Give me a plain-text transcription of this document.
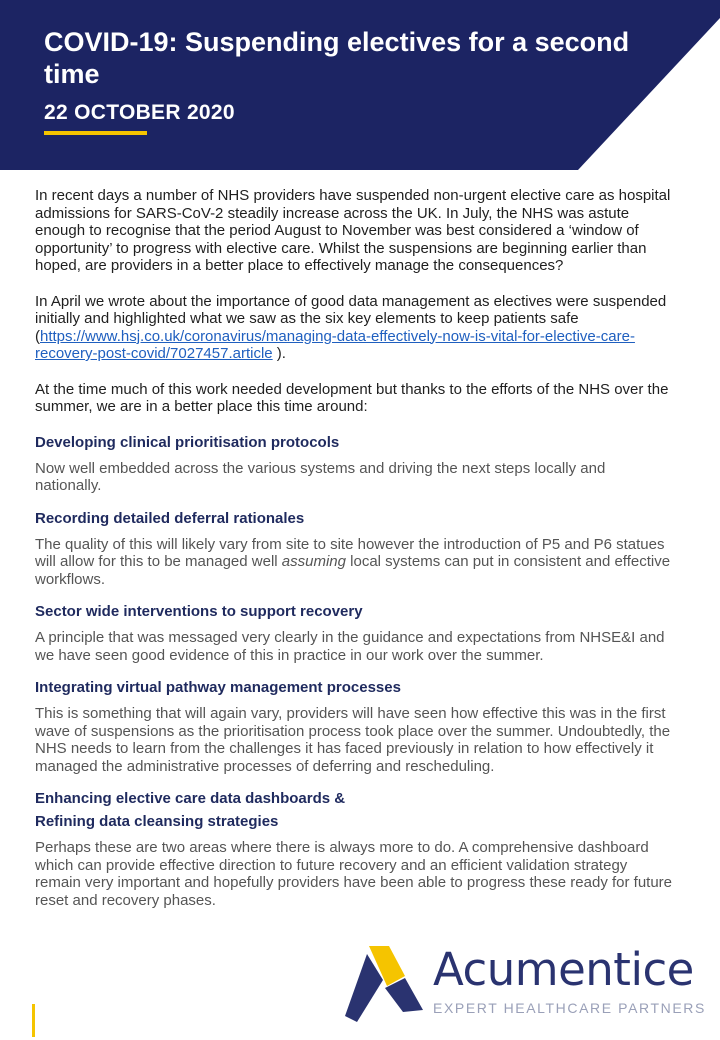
COVID-19: Suspending electives for a second time
22 OCTOBER 2020

In recent days a number of NHS providers have suspended non-urgent elective care as hospital admissions for SARS-CoV-2 steadily increase across the UK. In July, the NHS was astute enough to recognise that the period August to November was best considered a ‘window of opportunity’ to progress with elective care. Whilst the suspensions are beginning earlier than hoped, are providers in a better place to effectively manage the consequences?

In April we wrote about the importance of good data management as electives were suspended initially and highlighted what we saw as the six key elements to keep patients safe (https://www.hsj.co.uk/coronavirus/managing-data-effectively-now-is-vital-for-elective-care-recovery-post-covid/7027457.article ).

At the time much of this work needed development but thanks to the efforts of the NHS over the summer, we are in a better place this time around:

Developing clinical prioritisation protocols

Now well embedded across the various systems and driving the next steps locally and nationally.

Recording detailed deferral rationales

The quality of this will likely vary from site to site however the introduction of P5 and P6 statues will allow for this to be managed well assuming local systems can put in consistent and effective workflows.

Sector wide interventions to support recovery

A principle that was messaged very clearly in the guidance and expectations from NHSE&I and we have seen good evidence of this in practice in our work over the summer.

Integrating virtual pathway management processes

This is something that will again vary, providers will have seen how effective this was in the first wave of suspensions as the prioritisation process took place over the summer. Undoubtedly, the NHS needs to learn from the challenges it has faced previously in relation to how effectively it managed the administrative processes of deferring and rescheduling.

Enhancing elective care data dashboards &
Refining data cleansing strategies

Perhaps these are two areas where there is always more to do. A comprehensive dashboard which can provide effective direction to future recovery and an efficient validation strategy remain very important and hopefully providers have been able to progress these ready for future reset and recovery phases.

Acumentice
EXPERT HEALTHCARE PARTNERS
